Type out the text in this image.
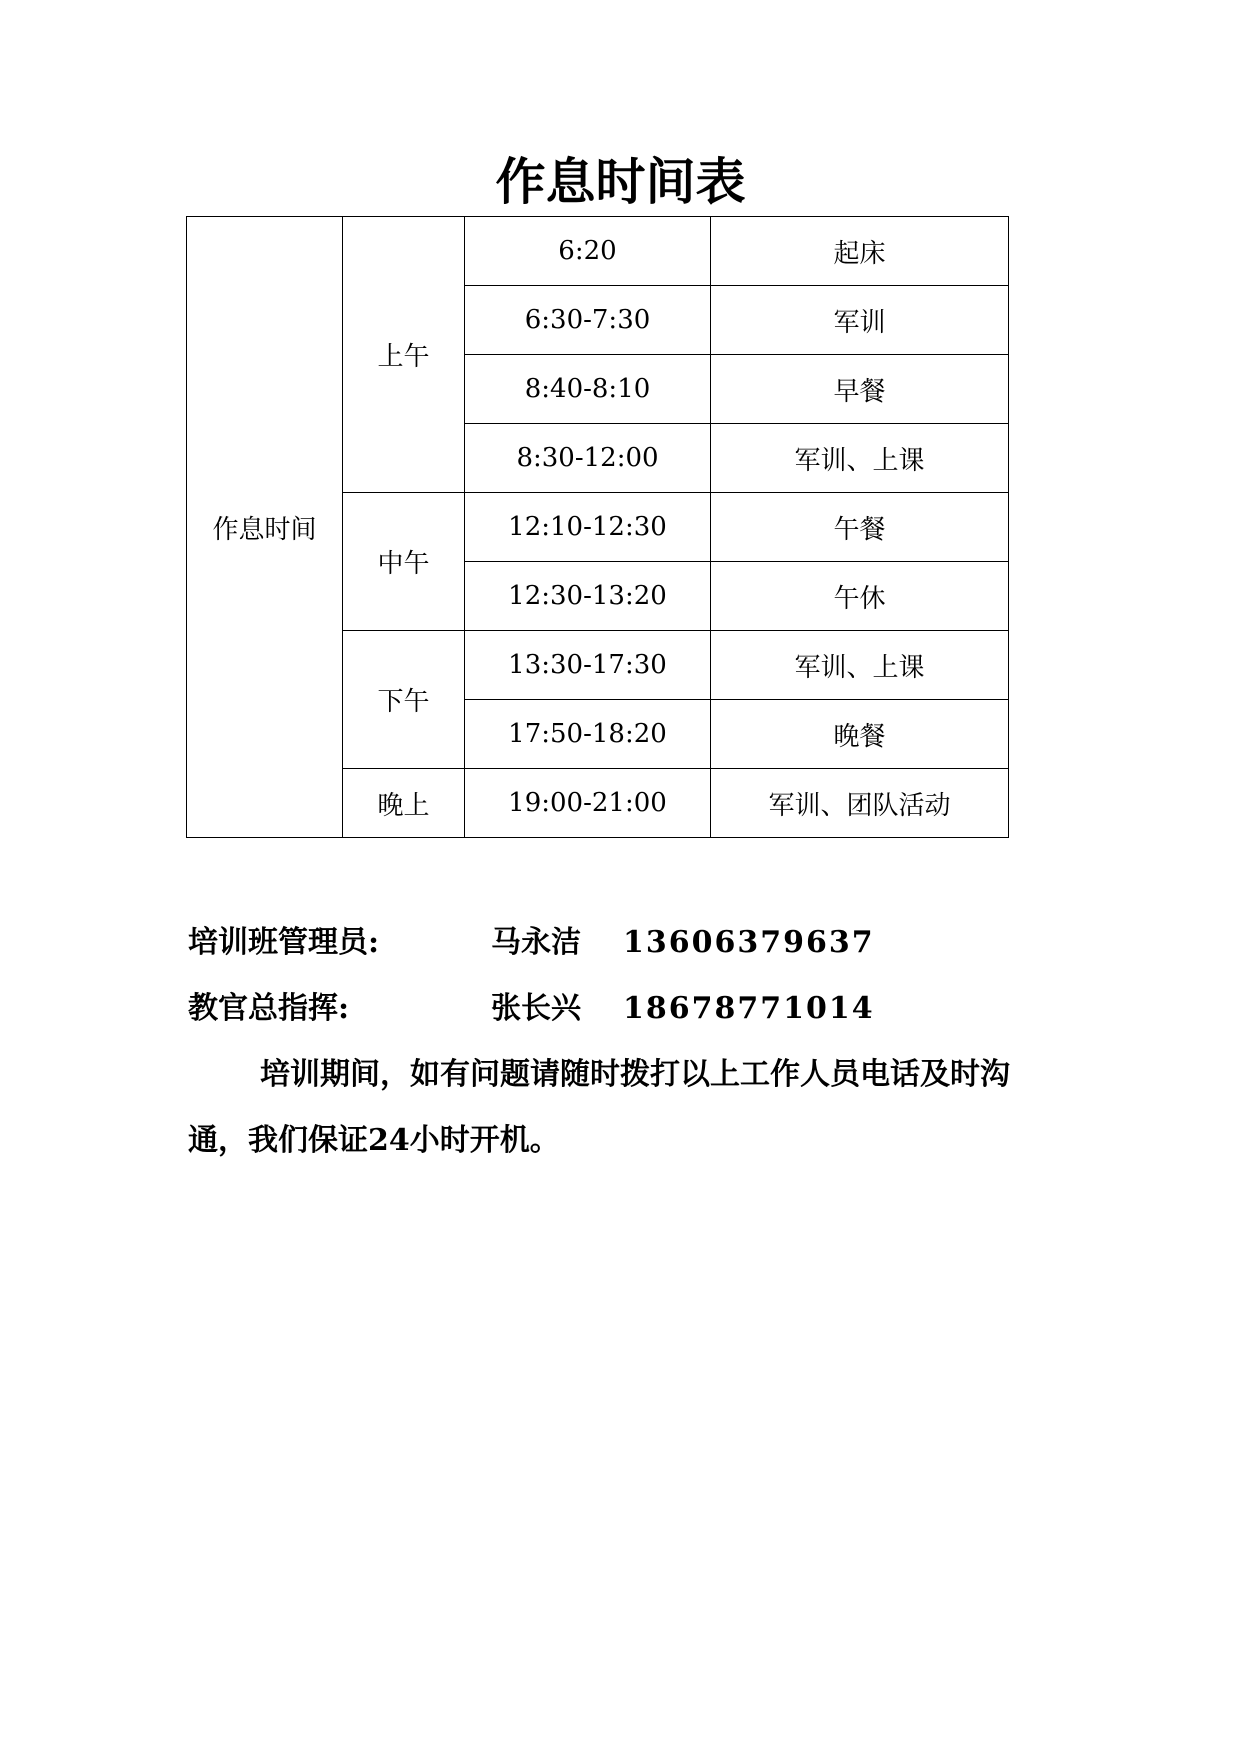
作息时间表
作息时间	上午	6:20	起床
		6:30-7:30	军训
		8:40-8:10	早餐
		8:30-12:00	军训、上课
	中午	12:10-12:30	午餐
		12:30-13:20	午休
	下午	13:30-17:30	军训、上课
		17:50-18:20	晚餐
	晚上	19:00-21:00	军训、团队活动
培训班管理员:	马永洁 13606379637
教官总指挥:	张长兴 18678771014

培训期间，如有问题请随时拨打以上工作人员电话及时沟通，我们保证24小时开机。
